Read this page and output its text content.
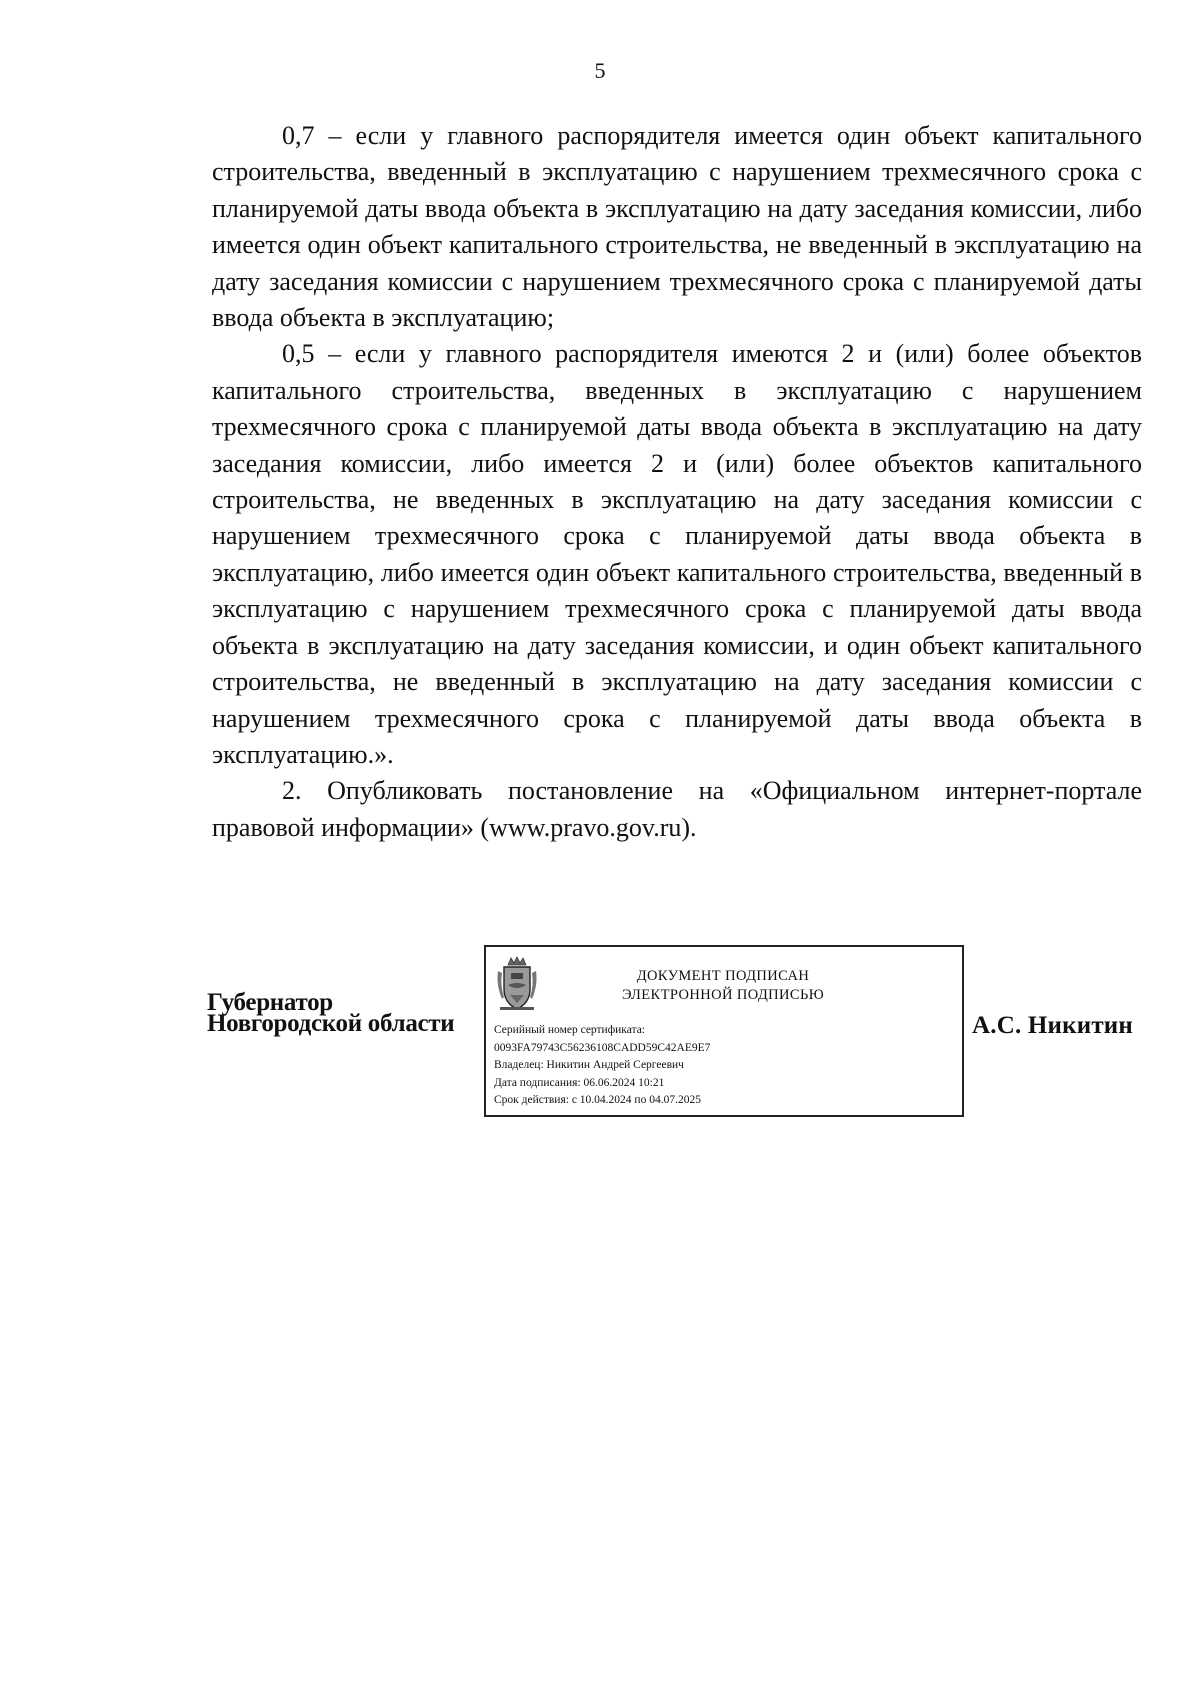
5

0,7 – если у главного распорядителя имеется один объект капитального строительства, введенный в эксплуатацию с нарушением трехмесячного срока с планируемой даты ввода объекта в эксплуатацию на дату заседания комиссии, либо имеется один объект капитального строительства, не введенный в эксплуатацию на дату заседания комиссии с нарушением трехмесячного срока с планируемой даты ввода объекта в эксплуатацию;

0,5 – если у главного распорядителя имеются 2 и (или) более объектов капитального строительства, введенных в эксплуатацию с нарушением трехмесячного срока с планируемой даты ввода объекта в эксплуатацию на дату заседания комиссии, либо имеется 2 и (или) более объектов капитального строительства, не введенных в эксплуатацию на дату заседания комиссии с нарушением трехмесячного срока с планируемой даты ввода объекта в эксплуатацию, либо имеется один объект капитального строительства, введенный в эксплуатацию с нарушением трехмесячного срока с планируемой даты ввода объекта в эксплуатацию на дату заседания комиссии, и один объект капитального строительства, не введенный в эксплуатацию на дату заседания комиссии с нарушением трехмесячного срока с планируемой даты ввода объекта в эксплуатацию.».

2. Опубликовать постановление на «Официальном интернет-портале правовой информации» (www.pravo.gov.ru).

Губернатор
Новгородской области
ДОКУМЕНТ ПОДПИСАН
ЭЛЕКТРОННОЙ ПОДПИСЬЮ
Серийный номер сертификата:
0093FA79743C56236108CADD59C42AE9E7
Владелец: Никитин Андрей Сергеевич
Дата подписания: 06.06.2024 10:21
Срок действия: с 10.04.2024 по 04.07.2025
А.С. Никитин
